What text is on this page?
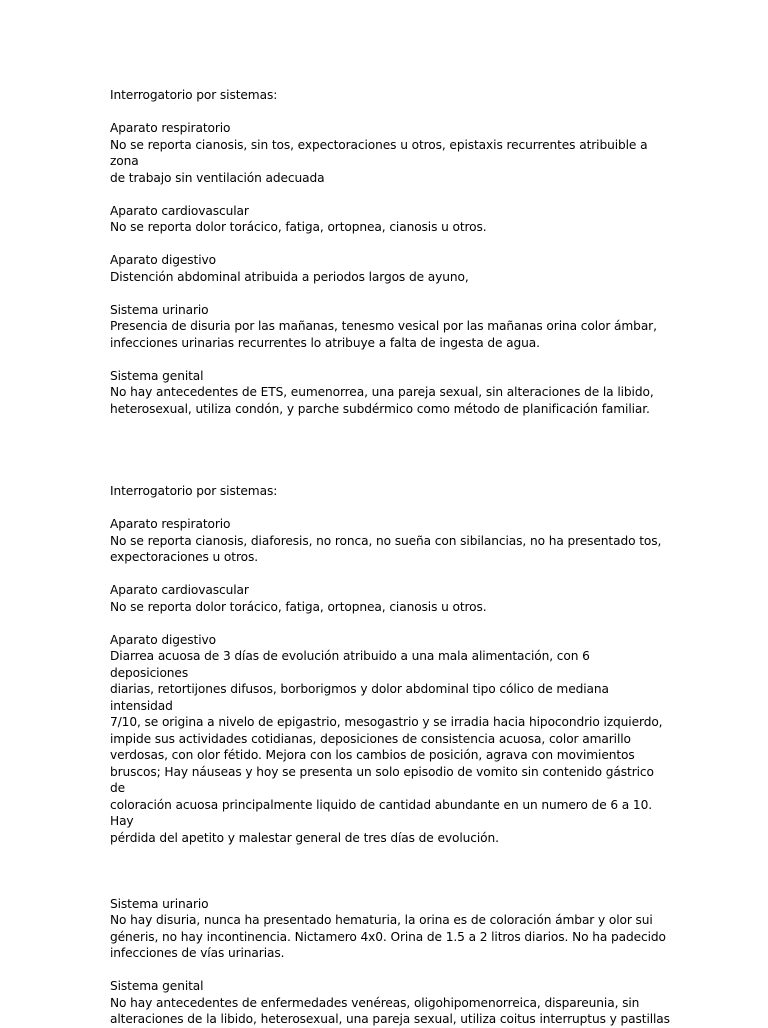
Interrogatorio por sistemas:
Aparato respiratorio
No se reporta cianosis, sin tos, expectoraciones u otros, epistaxis recurrentes atribuible a zona
de trabajo sin ventilación adecuada
Aparato cardiovascular
No se reporta dolor torácico, fatiga, ortopnea, cianosis u otros.
Aparato digestivo
Distención abdominal atribuida a periodos largos de ayuno,
Sistema urinario
Presencia de disuria por las mañanas, tenesmo vesical por las mañanas orina color ámbar,
infecciones urinarias recurrentes lo atribuye a falta de ingesta de agua.
Sistema genital
No hay antecedentes de ETS, eumenorrea, una pareja sexual, sin alteraciones de la libido,
heterosexual, utiliza condón, y parche subdérmico como método de planificación familiar.
Interrogatorio por sistemas:
Aparato respiratorio
No se reporta cianosis, diaforesis, no ronca, no sueña con sibilancias, no ha presentado tos,
expectoraciones u otros.
Aparato cardiovascular
No se reporta dolor torácico, fatiga, ortopnea, cianosis u otros.
Aparato digestivo
Diarrea acuosa de 3 días de evolución atribuido a una mala alimentación, con 6 deposiciones
diarias, retortijones difusos, borborigmos y dolor abdominal tipo cólico de mediana intensidad
7/10, se origina a nivelo de epigastrio, mesogastrio y se irradia hacia hipocondrio izquierdo,
impide sus actividades cotidianas, deposiciones de consistencia acuosa, color amarillo
verdosas, con olor fétido. Mejora con los cambios de posición, agrava con movimientos
bruscos; Hay náuseas y hoy se presenta un solo episodio de vomito sin contenido gástrico de
coloración acuosa principalmente liquido de cantidad abundante en un numero de 6 a 10. Hay
pérdida del apetito y malestar general de tres días de evolución.
Sistema urinario
No hay disuria, nunca ha presentado hematuria, la orina es de coloración ámbar y olor sui
géneris, no hay incontinencia. Nictamero 4x0. Orina de 1.5 a 2 litros diarios. No ha padecido
infecciones de vías urinarias.
Sistema genital
No hay antecedentes de enfermedades venéreas, oligohipomenorreica, dispareunia, sin
alteraciones de la libido, heterosexual, una pareja sexual, utiliza coitus interruptus y pastillas
